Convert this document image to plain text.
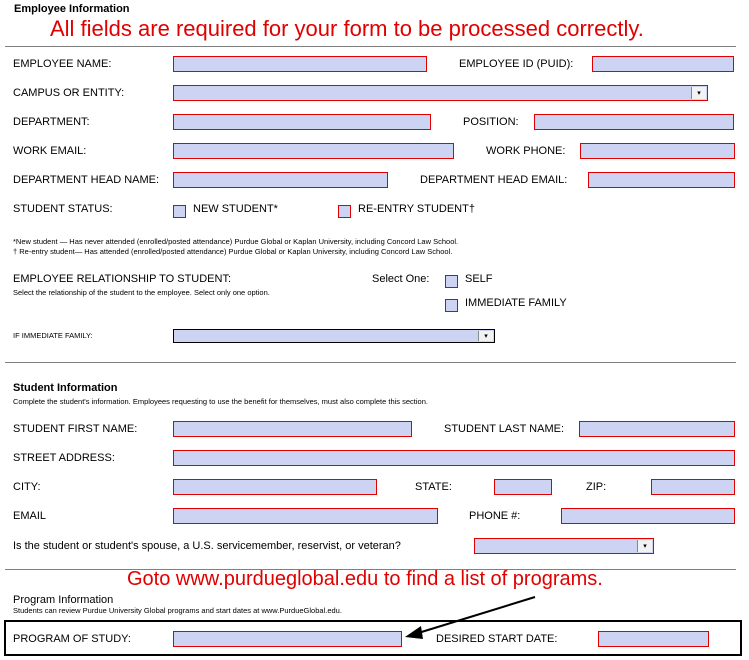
Employee Information
All fields are required for your form to be processed correctly.
EMPLOYEE NAME:	EMPLOYEE ID (PUID):
CAMPUS OR ENTITY:	▾
DEPARTMENT:	POSITION:
WORK EMAIL:	WORK PHONE:
DEPARTMENT HEAD NAME:	DEPARTMENT HEAD EMAIL:
STUDENT STATUS:	NEW STUDENT*	RE-ENTRY STUDENT†
*New student — Has never attended (enrolled/posted attendance) Purdue Global or Kaplan University, including Concord Law School.
† Re-entry student— Has attended (enrolled/posted attendance) Purdue Global or Kaplan University, including Concord Law School.
EMPLOYEE RELATIONSHIP TO STUDENT:
Select the relationship of the student to the employee. Select only one option.
Select One:	SELF
IMMEDIATE FAMILY
IF IMMEDIATE FAMILY:	▾
Student Information
Complete the student's information. Employees requesting to use the benefit for themselves, must also complete this section.
STUDENT FIRST NAME:	STUDENT LAST NAME:
STREET ADDRESS:
CITY:	STATE:	ZIP:
EMAIL	PHONE #:
Is the student or student's spouse, a U.S. servicemember, reservist, or veteran?	▾
Goto www.purdueglobal.edu to find a list of programs.
Program Information
Students can review Purdue University Global programs and start dates at www.PurdueGlobal.edu.
PROGRAM OF STUDY:	DESIRED START DATE:
